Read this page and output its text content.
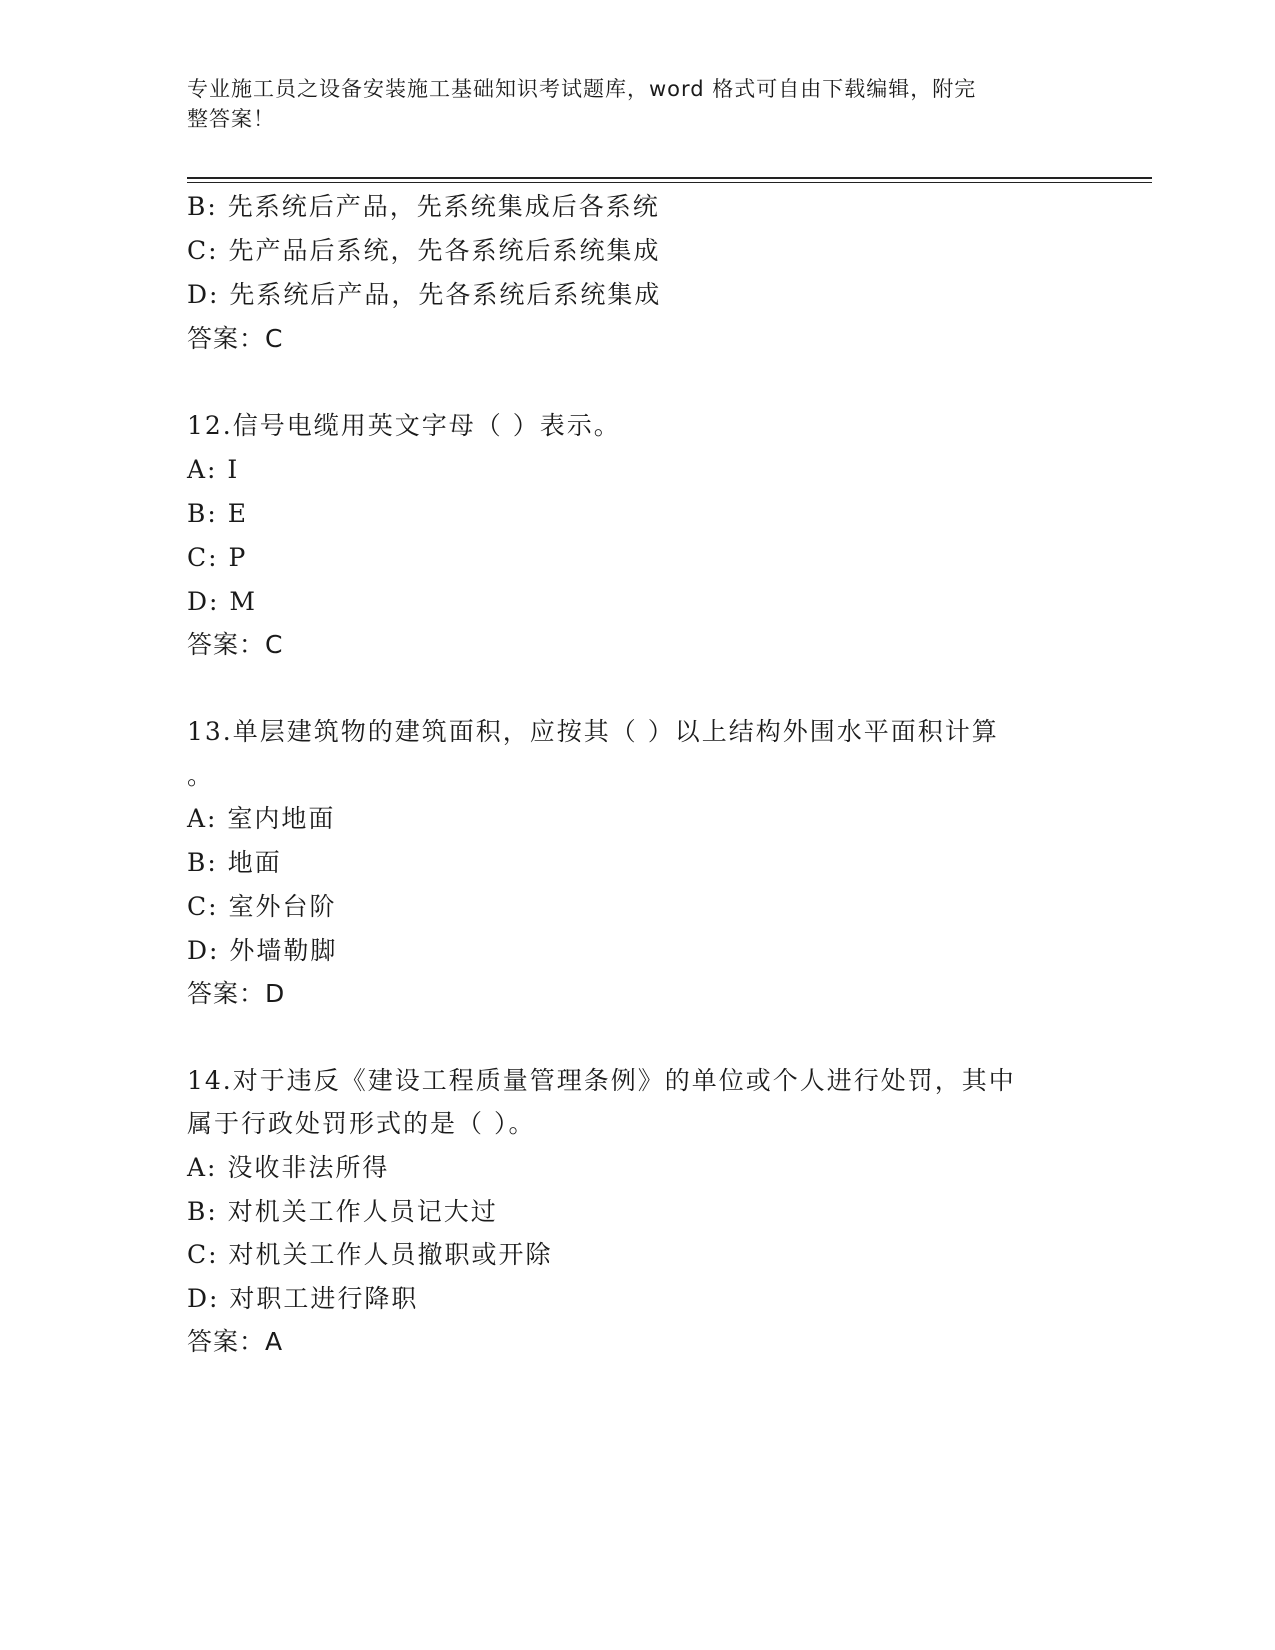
专业施工员之设备安装施工基础知识考试题库，word 格式可自由下载编辑，附完
整答案！
B: 先系统后产品，先系统集成后各系统
C: 先产品后系统，先各系统后系统集成
D: 先系统后产品，先各系统后系统集成
答案：C
12.信号电缆用英文字母（ ）表示。
A: I
B: E
C: P
D: M
答案：C
13.单层建筑物的建筑面积，应按其（ ）以上结构外围水平面积计算
。
A: 室内地面
B: 地面
C: 室外台阶
D: 外墙勒脚
答案：D
14.对于违反《建设工程质量管理条例》的单位或个人进行处罚，其中
属于行政处罚形式的是（ ）。
A: 没收非法所得
B: 对机关工作人员记大过
C: 对机关工作人员撤职或开除
D: 对职工进行降职
答案：A
